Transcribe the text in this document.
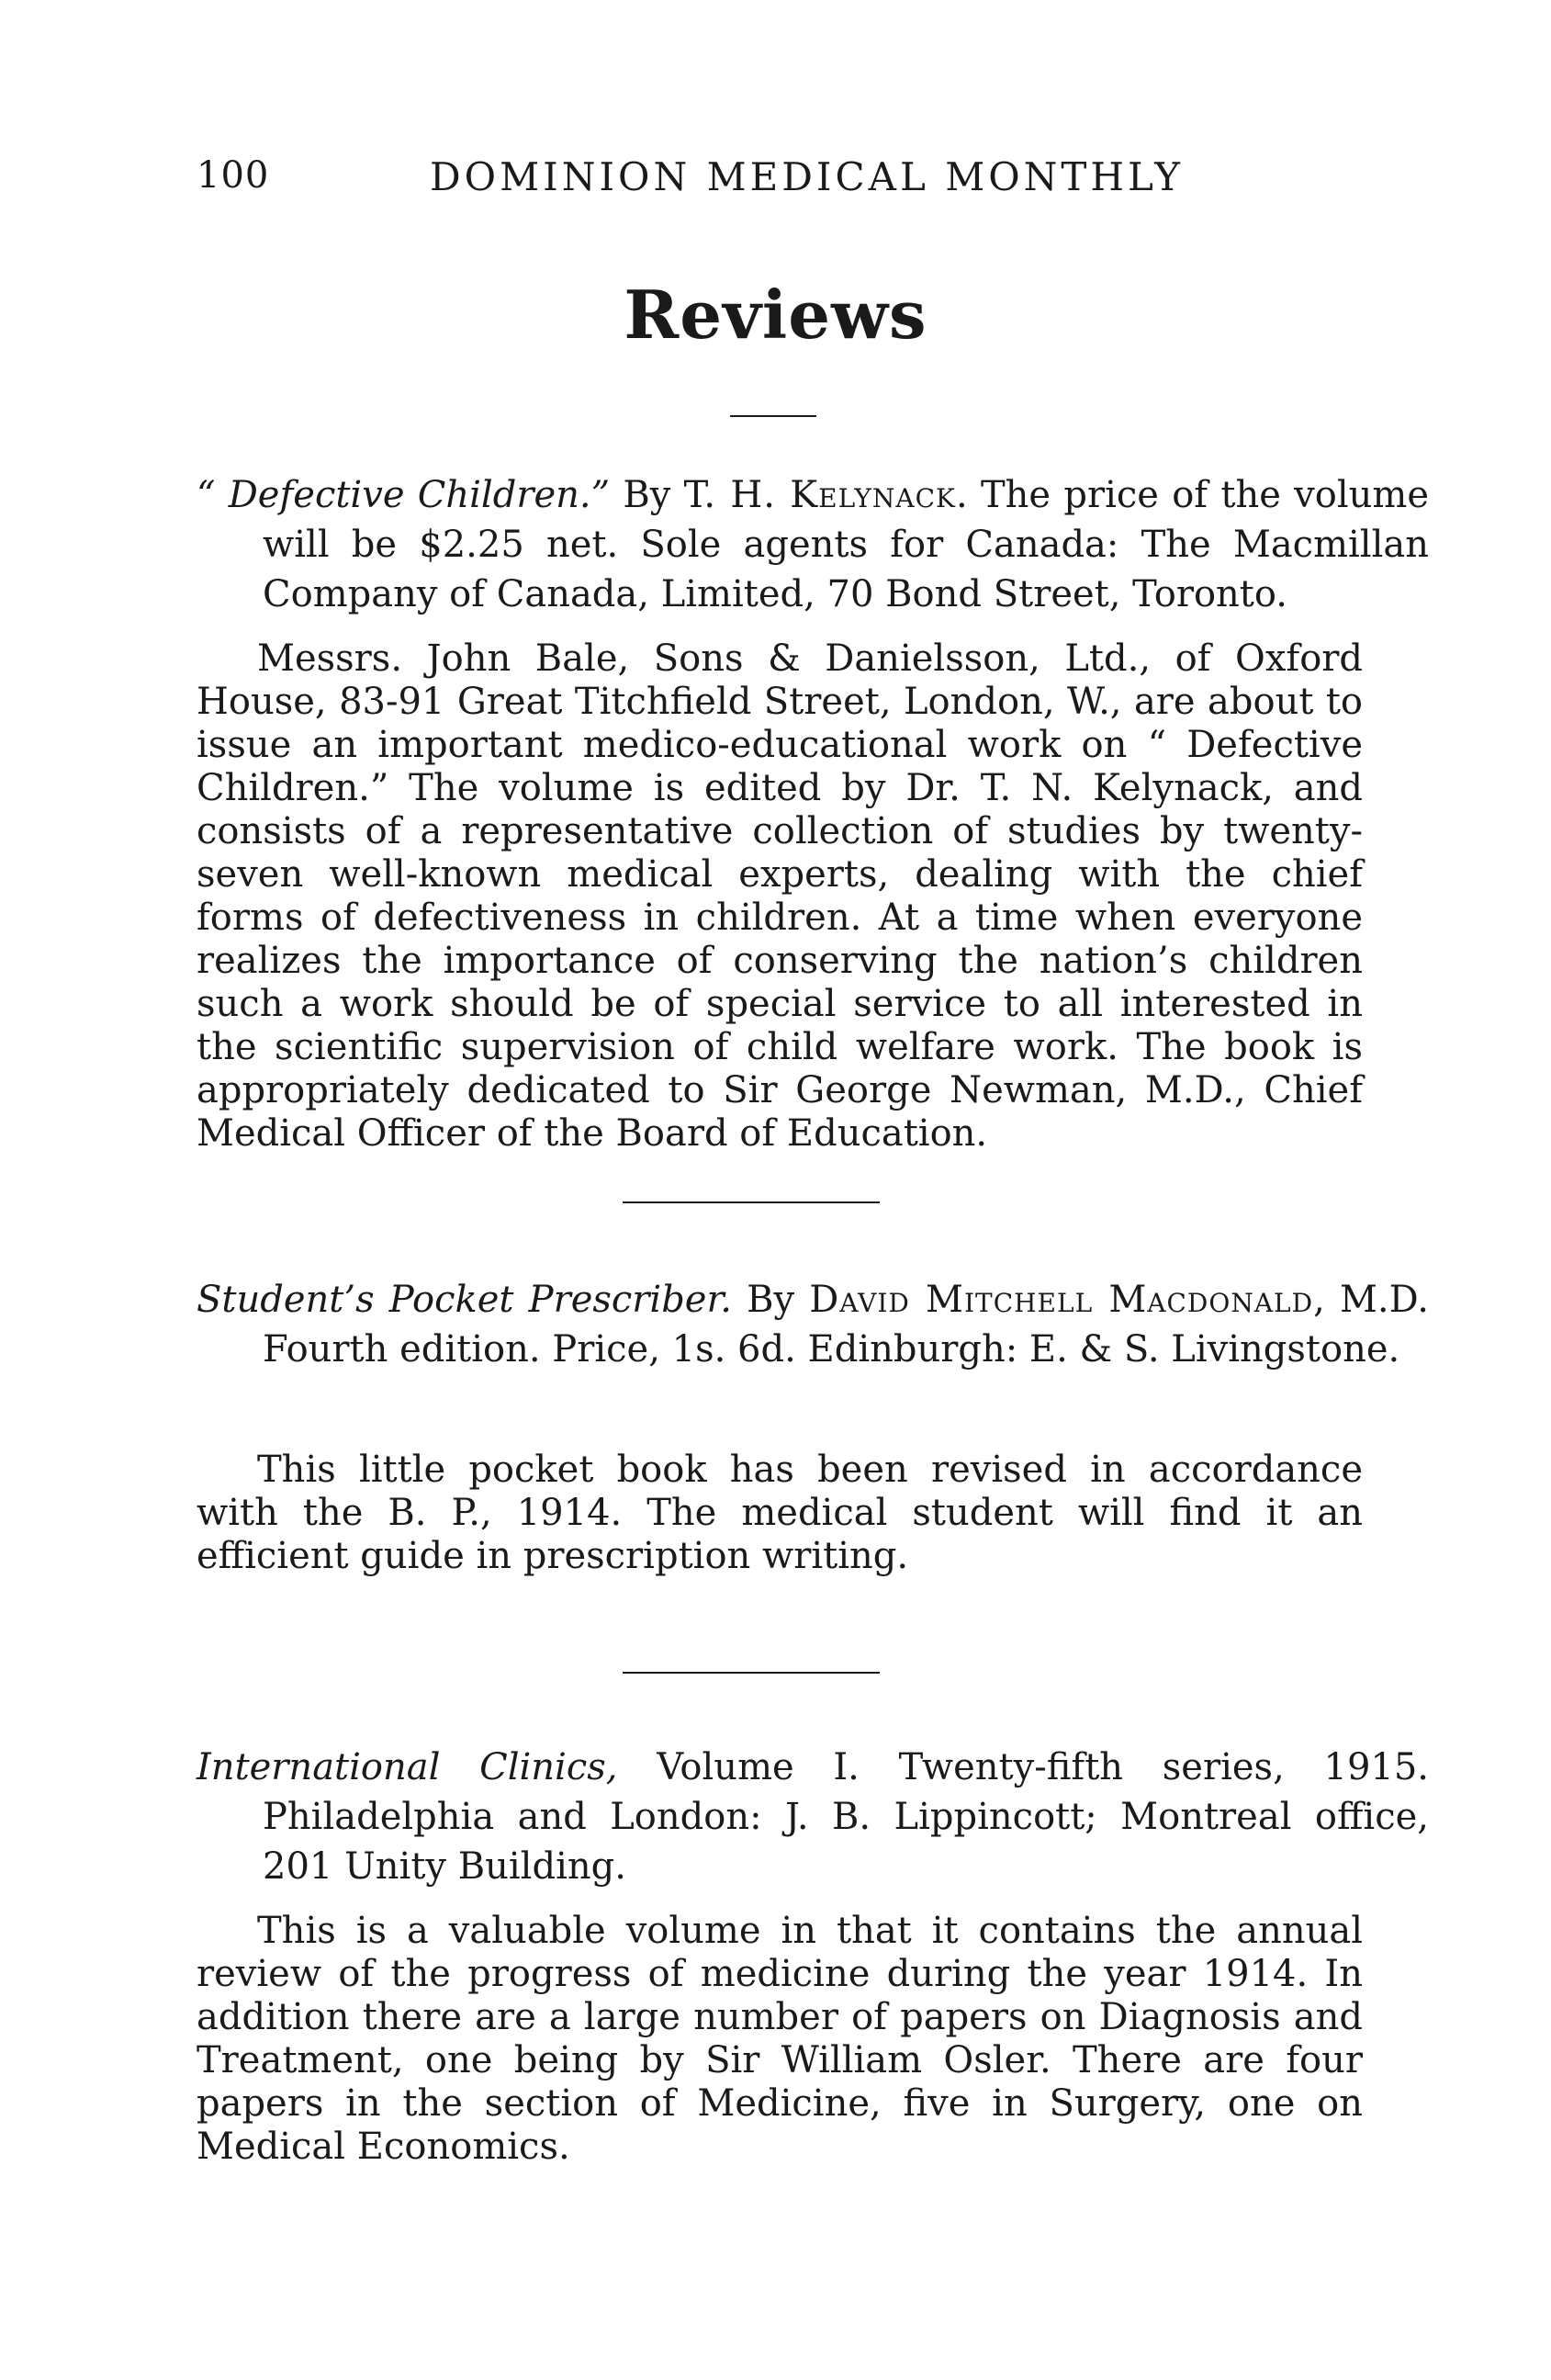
100	DOMINION MEDICAL MONTHLY
Reviews

“ Defective Children.” By T. H. Kelynack. The price of the volume will be $2.25 net. Sole agents for Canada: The Macmillan Company of Canada, Limited, 70 Bond Street, Toronto.

Messrs. John Bale, Sons & Danielsson, Ltd., of Oxford House, 83-91 Great Titchfield Street, London, W., are about to issue an important medico-educational work on “ Defective Children.” The volume is edited by Dr. T. N. Kelynack, and consists of a representative collection of studies by twenty-seven well-known medical experts, dealing with the chief forms of defectiveness in children. At a time when everyone realizes the importance of conserving the nation’s children such a work should be of special service to all interested in the scientific supervision of child welfare work. The book is appropriately dedicated to Sir George Newman, M.D., Chief Medical Officer of the Board of Education.

Student’s Pocket Prescriber. By David Mitchell Macdonald, M.D. Fourth edition. Price, 1s. 6d. Edinburgh: E. & S. Livingstone.

This little pocket book has been revised in accordance with the B. P., 1914. The medical student will find it an efficient guide in prescription writing.

International Clinics, Volume I. Twenty-fifth series, 1915. Philadelphia and London: J. B. Lippincott; Montreal office, 201 Unity Building.

This is a valuable volume in that it contains the annual review of the progress of medicine during the year 1914. In addition there are a large number of papers on Diagnosis and Treatment, one being by Sir William Osler. There are four papers in the section of Medicine, five in Surgery, one on Medical Economics.
